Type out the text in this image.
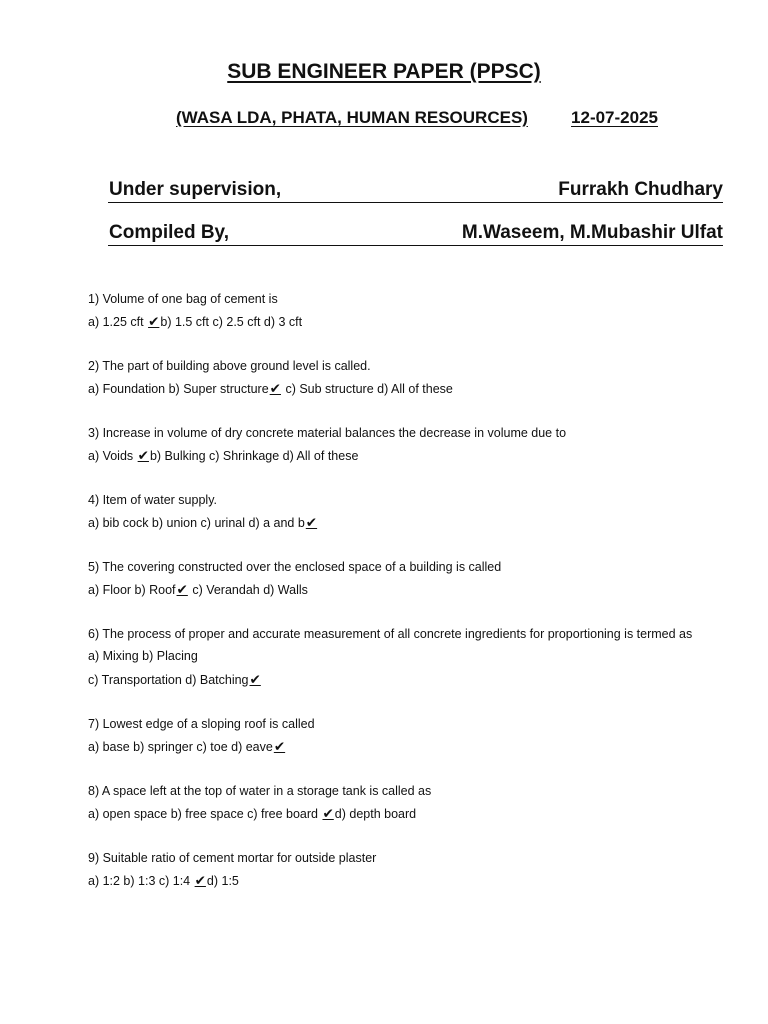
SUB ENGINEER PAPER (PPSC)
(WASA LDA, PHATA, HUMAN RESOURCES)	12-07-2025
Under supervision,	Furrakh Chudhary
Compiled By,	M.Waseem, M.Mubashir Ulfat

1) Volume of one bag of cement is

a) 1.25 cft ✔b) 1.5 cft c) 2.5 cft d) 3 cft

2) The part of building above ground level is called.

a) Foundation b) Super structure✔ c) Sub structure d) All of these

3) Increase in volume of dry concrete material balances the decrease in volume due to

a) Voids ✔b) Bulking c) Shrinkage d) All of these

4) Item of water supply.

a) bib cock b) union c) urinal d) a and b✔

5) The covering constructed over the enclosed space of a building is called

a) Floor b) Roof✔ c) Verandah d) Walls

6) The process of proper and accurate measurement of all concrete ingredients for proportioning is termed as

a) Mixing b) Placing

c) Transportation d) Batching✔

7) Lowest edge of a sloping roof is called

a) base b) springer c) toe d) eave✔

8) A space left at the top of water in a storage tank is called as

a) open space b) free space c) free board ✔d) depth board

9) Suitable ratio of cement mortar for outside plaster

a) 1:2 b) 1:3 c) 1:4 ✔d) 1:5
